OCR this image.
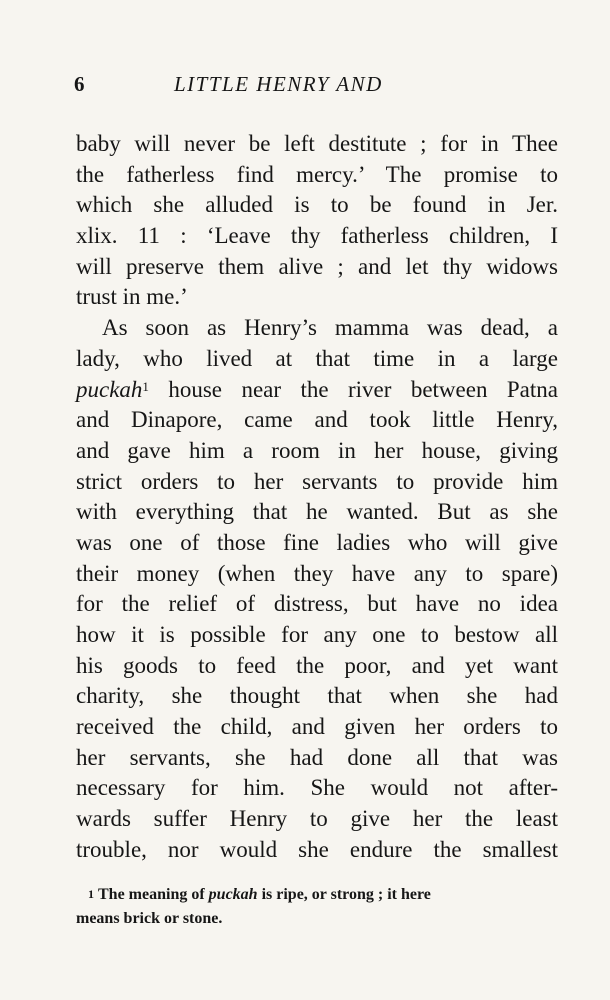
6	LITTLE HENRY AND
baby will never be left destitute ; for in Thee
the fatherless find mercy.’ The promise to
which she alluded is to be found in Jer.
xlix. 11 : ‘Leave thy fatherless children, I
will preserve them alive ; and let thy widows
trust in me.’
As soon as Henry’s mamma was dead, a
lady, who lived at that time in a large
puckah$^1$ house near the river between Patna
and Dinapore, came and took little Henry,
and gave him a room in her house, giving
strict orders to her servants to provide him
with everything that he wanted. But as she
was one of those fine ladies who will give
their money (when they have any to spare)
for the relief of distress, but have no idea
how it is possible for any one to bestow all
his goods to feed the poor, and yet want
charity, she thought that when she had
received the child, and given her orders to
her servants, she had done all that was
necessary for him. She would not after-
wards suffer Henry to give her the least
trouble, nor would she endure the smallest
$^1$ The meaning of puckah is ripe, or strong ; it here
means brick or stone.
